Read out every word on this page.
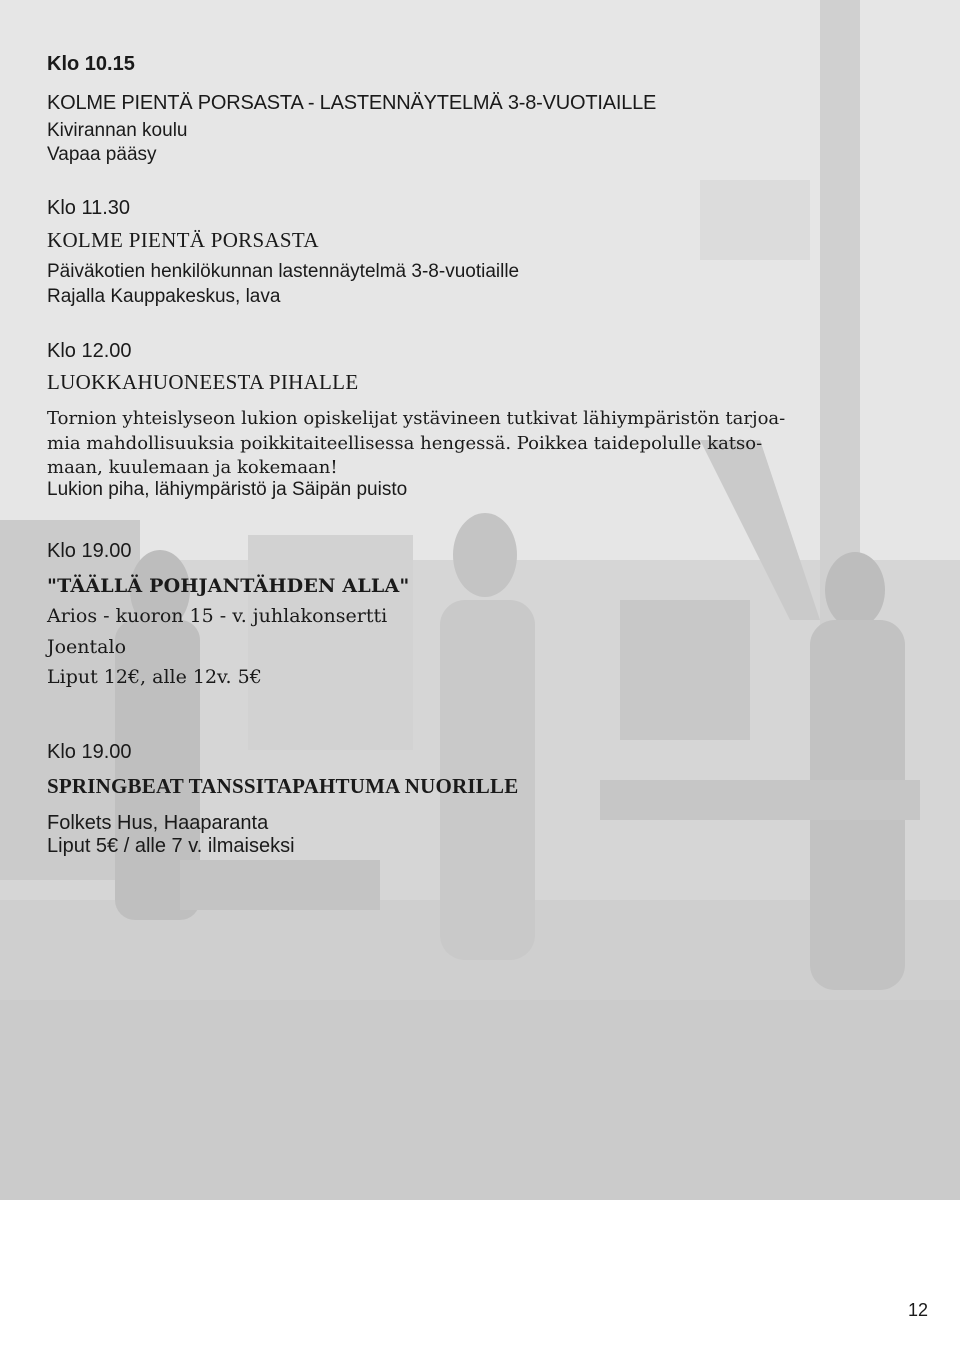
Klo 10.15
KOLME PIENTÄ PORSASTA - LASTENNÄYTELMÄ 3-8-VUOTIAILLE
Kivirannan koulu
Vapaa pääsy
Klo 11.30
KOLME PIENTÄ PORSASTA
Päiväkotien henkilökunnan lastennäytelmä 3-8-vuotiaille
Rajalla Kauppakeskus, lava
Klo 12.00
LUOKKAHUONEESTA PIHALLE
Tornion yhteislyseon lukion opiskelijat ystävineen tutkivat lähiympäristön tarjoa-
mia mahdollisuuksia poikkitaiteellisessa hengessä. Poikkea taidepolulle katso-
maan, kuulemaan ja kokemaan!
Lukion piha, lähiympäristö ja Säipän puisto
Klo 19.00
"TÄÄLLÄ POHJANTÄHDEN ALLA"
Arios - kuoron 15 - v. juhlakonsertti
Joentalo
Liput 12€, alle 12v. 5€
Klo 19.00
SPRINGBEAT TANSSITAPAHTUMA NUORILLE
Folkets Hus, Haaparanta
Liput 5€ / alle 7 v. ilmaiseksi
12
